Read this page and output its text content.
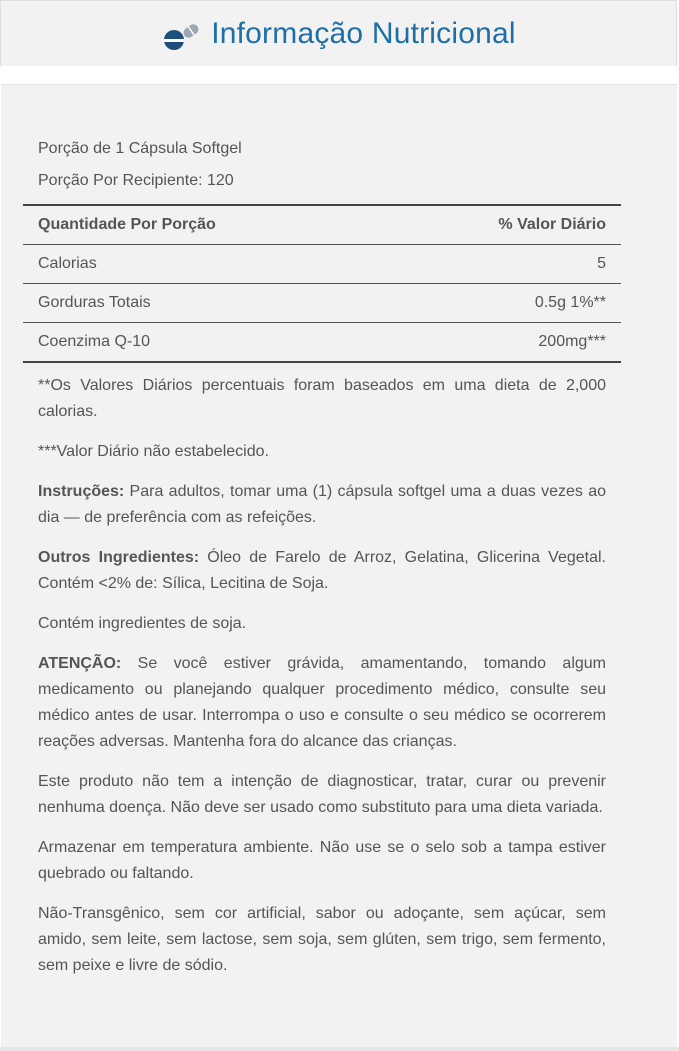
Informação Nutricional
Porção de 1 Cápsula Softgel
Porção Por Recipiente: 120
Quantidade Por Porção	% Valor Diário
Calorias	5
Gorduras Totais	0.5g 1%**
Coenzima Q-10	200mg***

**Os Valores Diários percentuais foram baseados em uma dieta de 2,000 calorias.

***Valor Diário não estabelecido.

Instruções: Para adultos, tomar uma (1) cápsula softgel uma a duas vezes ao dia — de preferência com as refeições.

Outros Ingredientes: Óleo de Farelo de Arroz, Gelatina, Glicerina Vegetal. Contém <2% de: Sílica, Lecitina de Soja.

Contém ingredientes de soja.

ATENÇÃO: Se você estiver grávida, amamentando, tomando algum medicamento ou planejando qualquer procedimento médico, consulte seu médico antes de usar. Interrompa o uso e consulte o seu médico se ocorrerem reações adversas. Mantenha fora do alcance das crianças.

Este produto não tem a intenção de diagnosticar, tratar, curar ou prevenir nenhuma doença. Não deve ser usado como substituto para uma dieta variada.

Armazenar em temperatura ambiente. Não use se o selo sob a tampa estiver quebrado ou faltando.

Não-Transgênico, sem cor artificial, sabor ou adoçante, sem açúcar, sem amido, sem leite, sem lactose, sem soja, sem glúten, sem trigo, sem fermento, sem peixe e livre de sódio.
